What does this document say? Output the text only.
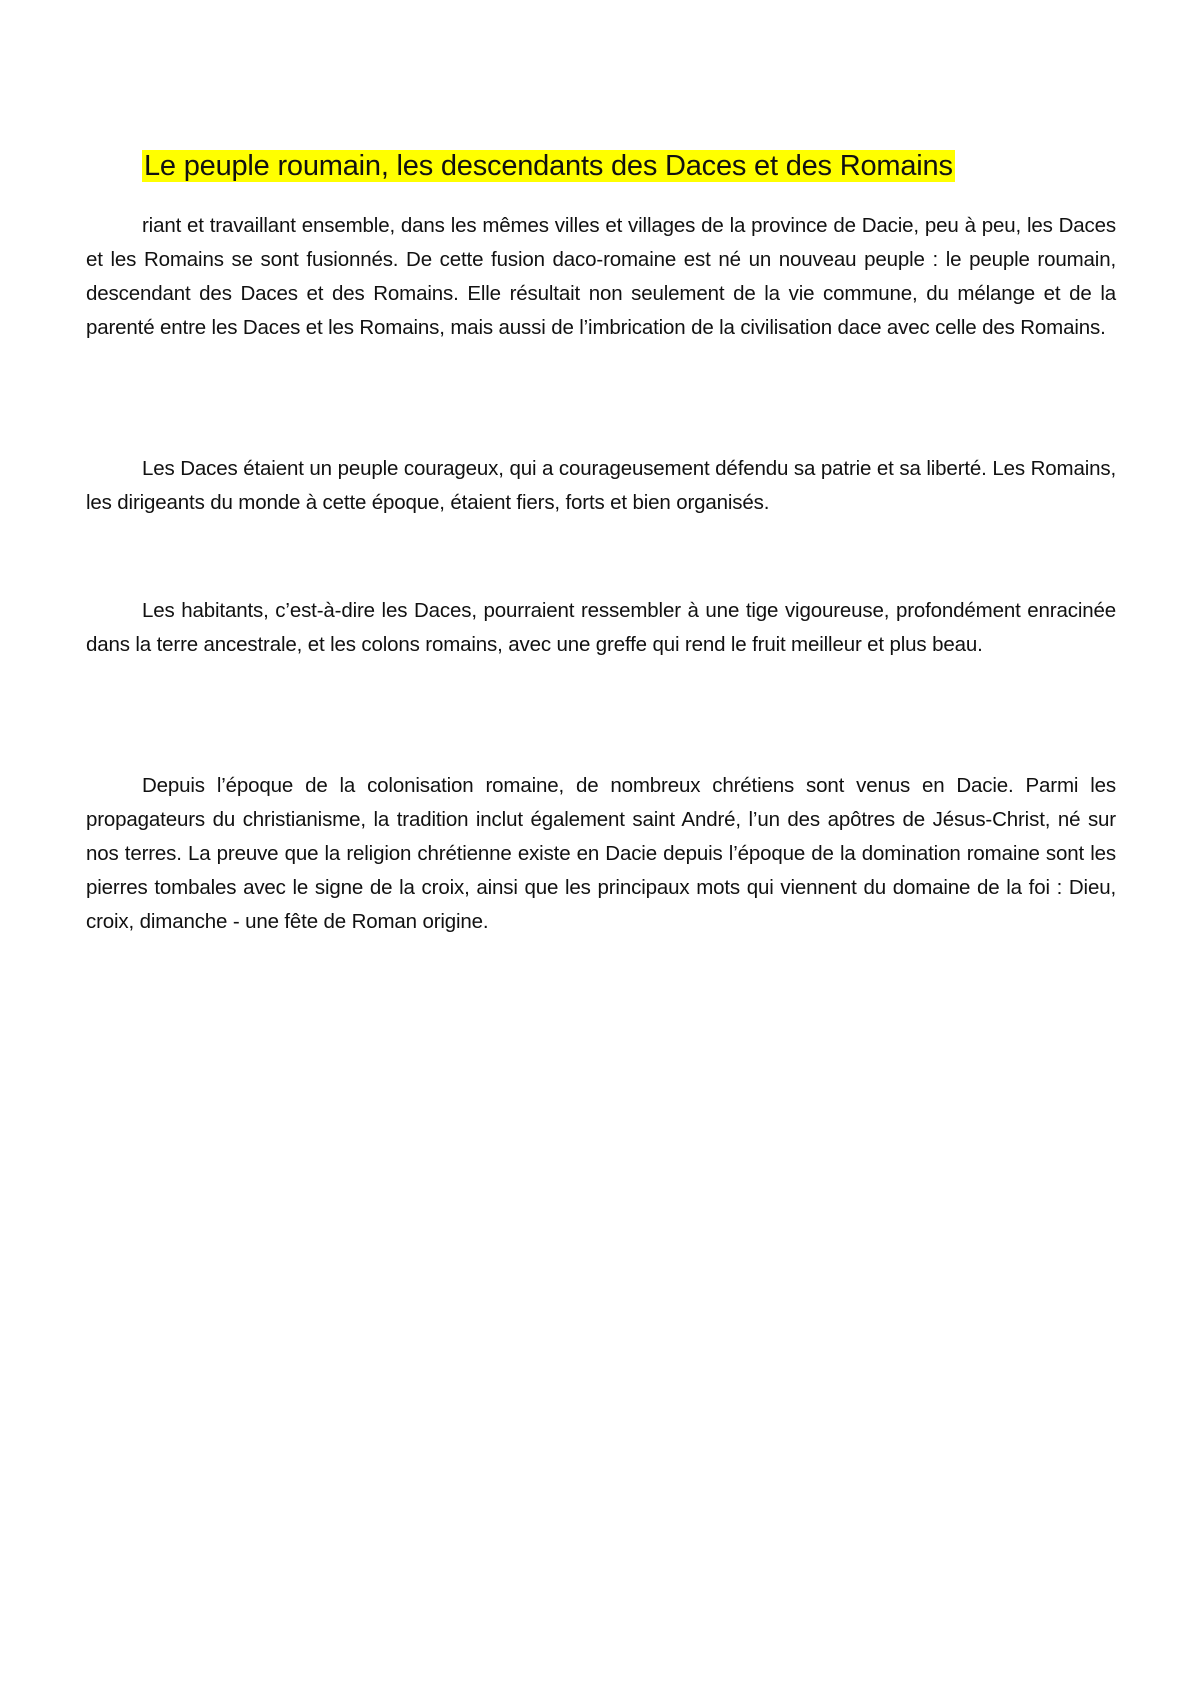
Le peuple roumain, les descendants des Daces et des Romains

riant et travaillant ensemble, dans les mêmes villes et villages de la province de Dacie, peu à peu, les Daces et les Romains se sont fusionnés. De cette fusion daco-romaine est né un nouveau peuple : le peuple roumain, descendant des Daces et des Romains. Elle résultait non seulement de la vie commune, du mélange et de la parenté entre les Daces et les Romains, mais aussi de l’imbrication de la civilisation dace avec celle des Romains.

Les Daces étaient un peuple courageux, qui a courageusement défendu sa patrie et sa liberté. Les Romains, les dirigeants du monde à cette époque, étaient fiers, forts et bien organisés.

Les habitants, c’est-à-dire les Daces, pourraient ressembler à une tige vigoureuse, profondément enracinée dans la terre ancestrale, et les colons romains, avec une greffe qui rend le fruit meilleur et plus beau.

Depuis l’époque de la colonisation romaine, de nombreux chrétiens sont venus en Dacie. Parmi les propagateurs du christianisme, la tradition inclut également saint André, l’un des apôtres de Jésus-Christ, né sur nos terres. La preuve que la religion chrétienne existe en Dacie depuis l’époque de la domination romaine sont les pierres tombales avec le signe de la croix, ainsi que les principaux mots qui viennent du domaine de la foi : Dieu, croix, dimanche - une fête de Roman origine.
